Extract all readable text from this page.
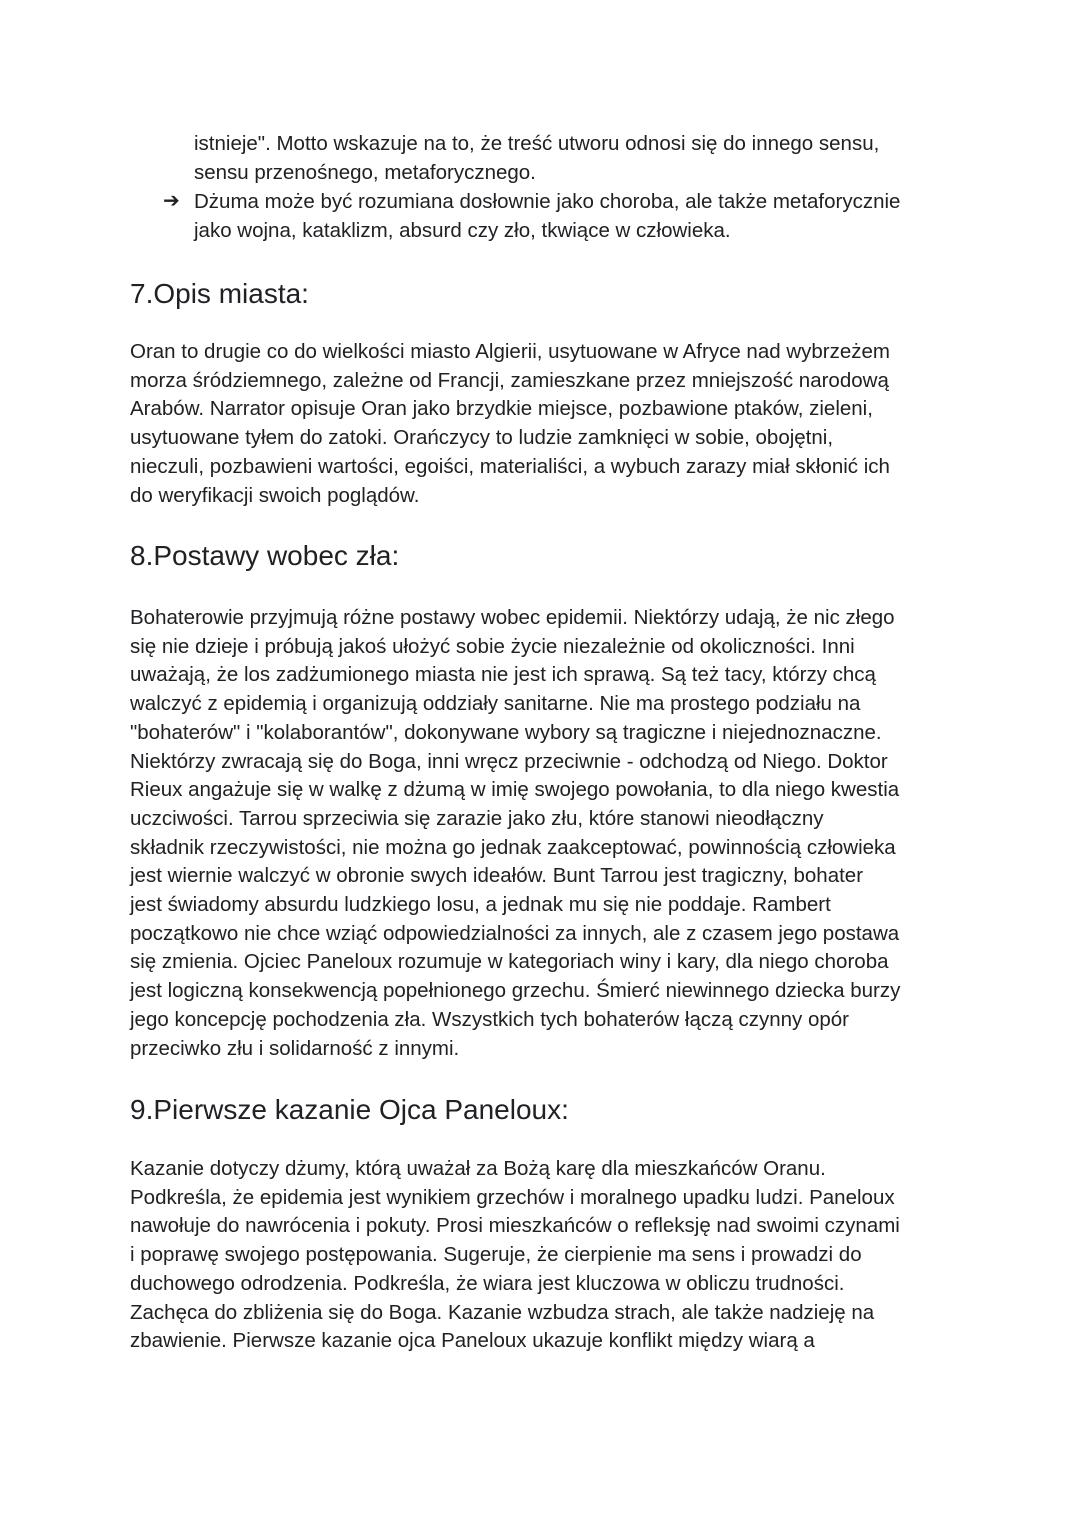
istnieje". Motto wskazuje na to, że treść utworu odnosi się do innego sensu,
sensu przenośnego, metaforycznego.
➔ Dżuma może być rozumiana dosłownie jako choroba, ale także metaforycznie
jako wojna, kataklizm, absurd czy zło, tkwiące w człowieka.
7.Opis miasta:

Oran to drugie co do wielkości miasto Algierii, usytuowane w Afryce nad wybrzeżem

morza śródziemnego, zależne od Francji, zamieszkane przez mniejszość narodową

Arabów. Narrator opisuje Oran jako brzydkie miejsce, pozbawione ptaków, zieleni,

usytuowane tyłem do zatoki. Orańczycy to ludzie zamknięci w sobie, obojętni,

nieczuli, pozbawieni wartości, egoiści, materialiści, a wybuch zarazy miał skłonić ich

do weryfikacji swoich poglądów.

8.Postawy wobec zła:

Bohaterowie przyjmują różne postawy wobec epidemii. Niektórzy udają, że nic złego

się nie dzieje i próbują jakoś ułożyć sobie życie niezależnie od okoliczności. Inni

uważają, że los zadżumionego miasta nie jest ich sprawą. Są też tacy, którzy chcą

walczyć z epidemią i organizują oddziały sanitarne. Nie ma prostego podziału na

"bohaterów" i "kolaborantów", dokonywane wybory są tragiczne i niejednoznaczne.

Niektórzy zwracają się do Boga, inni wręcz przeciwnie - odchodzą od Niego. Doktor

Rieux angażuje się w walkę z dżumą w imię swojego powołania, to dla niego kwestia

uczciwości. Tarrou sprzeciwia się zarazie jako złu, które stanowi nieodłączny

składnik rzeczywistości, nie można go jednak zaakceptować, powinnością człowieka

jest wiernie walczyć w obronie swych ideałów. Bunt Tarrou jest tragiczny, bohater

jest świadomy absurdu ludzkiego losu, a jednak mu się nie poddaje. Rambert

początkowo nie chce wziąć odpowiedzialności za innych, ale z czasem jego postawa

się zmienia. Ojciec Paneloux rozumuje w kategoriach winy i kary, dla niego choroba

jest logiczną konsekwencją popełnionego grzechu. Śmierć niewinnego dziecka burzy

jego koncepcję pochodzenia zła. Wszystkich tych bohaterów łączą czynny opór

przeciwko złu i solidarność z innymi.

9.Pierwsze kazanie Ojca Paneloux:

Kazanie dotyczy dżumy, którą uważał za Bożą karę dla mieszkańców Oranu.

Podkreśla, że epidemia jest wynikiem grzechów i moralnego upadku ludzi. Paneloux

nawołuje do nawrócenia i pokuty. Prosi mieszkańców o refleksję nad swoimi czynami

i poprawę swojego postępowania. Sugeruje, że cierpienie ma sens i prowadzi do

duchowego odrodzenia. Podkreśla, że wiara jest kluczowa w obliczu trudności.

Zachęca do zbliżenia się do Boga. Kazanie wzbudza strach, ale także nadzieję na

zbawienie. Pierwsze kazanie ojca Paneloux ukazuje konflikt między wiarą a
